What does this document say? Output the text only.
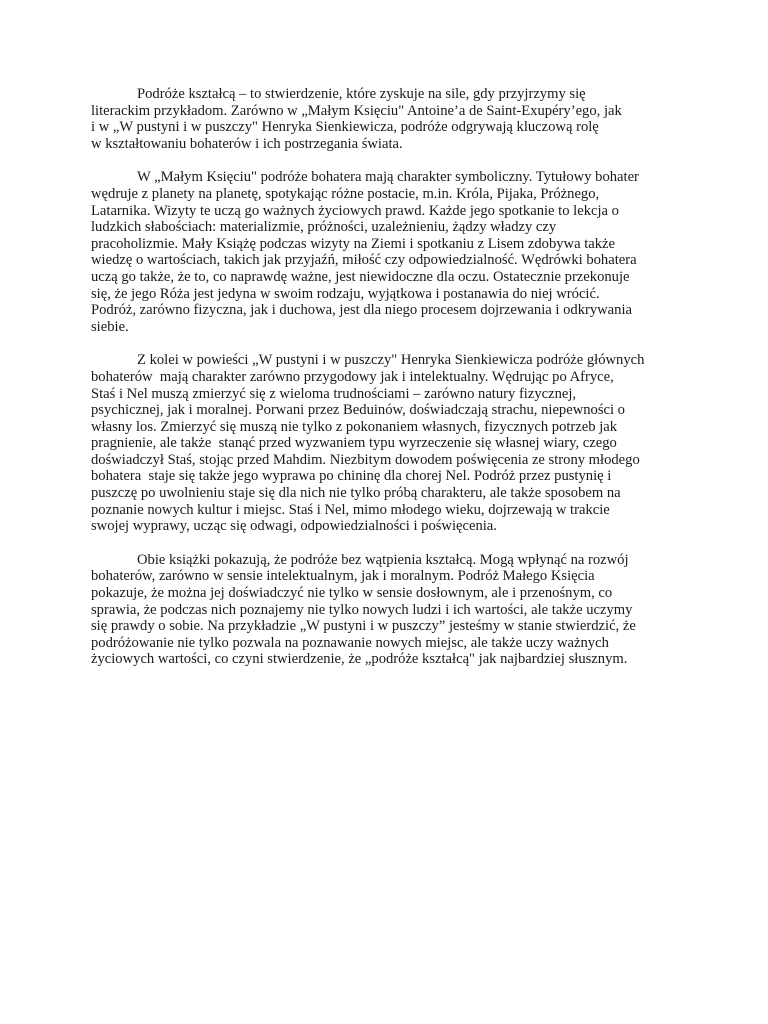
Podróże kształcą – to stwierdzenie, które zyskuje na sile, gdy przyjrzymy się
literackim przykładom. Zarówno w „Małym Księciu" Antoine’a de Saint-Exupéry’ego, jak
i w „W pustyni i w puszczy" Henryka Sienkiewicza, podróże odgrywają kluczową rolę
w kształtowaniu bohaterów i ich postrzegania świata.

W „Małym Księciu" podróże bohatera mają charakter symboliczny. Tytułowy bohater
wędruje z planety na planetę, spotykając różne postacie, m.in. Króla, Pijaka, Próżnego,
Latarnika. Wizyty te uczą go ważnych życiowych prawd. Każde jego spotkanie to lekcja o
ludzkich słabościach: materializmie, próżności, uzależnieniu, żądzy władzy czy
pracoholizmie. Mały Książę podczas wizyty na Ziemi i spotkaniu z Lisem zdobywa także
wiedzę o wartościach, takich jak przyjaźń, miłość czy odpowiedzialność. Wędrówki bohatera
uczą go także, że to, co naprawdę ważne, jest niewidoczne dla oczu. Ostatecznie przekonuje
się, że jego Róża jest jedyna w swoim rodzaju, wyjątkowa i postanawia do niej wrócić.
Podróż, zarówno fizyczna, jak i duchowa, jest dla niego procesem dojrzewania i odkrywania
siebie.

Z kolei w powieści „W pustyni i w puszczy" Henryka Sienkiewicza podróże głównych
bohaterów  mają charakter zarówno przygodowy jak i intelektualny. Wędrując po Afryce,
Staś i Nel muszą zmierzyć się z wieloma trudnościami – zarówno natury fizycznej,
psychicznej, jak i moralnej. Porwani przez Beduinów, doświadczają strachu, niepewności o
własny los. Zmierzyć się muszą nie tylko z pokonaniem własnych, fizycznych potrzeb jak
pragnienie, ale także  stanąć przed wyzwaniem typu wyrzeczenie się własnej wiary, czego
doświadczył Staś, stojąc przed Mahdim. Niezbitym dowodem poświęcenia ze strony młodego
bohatera  staje się także jego wyprawa po chininę dla chorej Nel. Podróż przez pustynię i
puszczę po uwolnieniu staje się dla nich nie tylko próbą charakteru, ale także sposobem na
poznanie nowych kultur i miejsc. Staś i Nel, mimo młodego wieku, dojrzewają w trakcie
swojej wyprawy, ucząc się odwagi, odpowiedzialności i poświęcenia.

Obie książki pokazują, że podróże bez wątpienia kształcą. Mogą wpłynąć na rozwój
bohaterów, zarówno w sensie intelektualnym, jak i moralnym. Podróż Małego Księcia
pokazuje, że można jej doświadczyć nie tylko w sensie dosłownym, ale i przenośnym, co
sprawia, że podczas nich poznajemy nie tylko nowych ludzi i ich wartości, ale także uczymy
się prawdy o sobie. Na przykładzie „W pustyni i w puszczy” jesteśmy w stanie stwierdzić, że
podróżowanie nie tylko pozwala na poznawanie nowych miejsc, ale także uczy ważnych
życiowych wartości, co czyni stwierdzenie, że „podróże kształcą" jak najbardziej słusznym.
